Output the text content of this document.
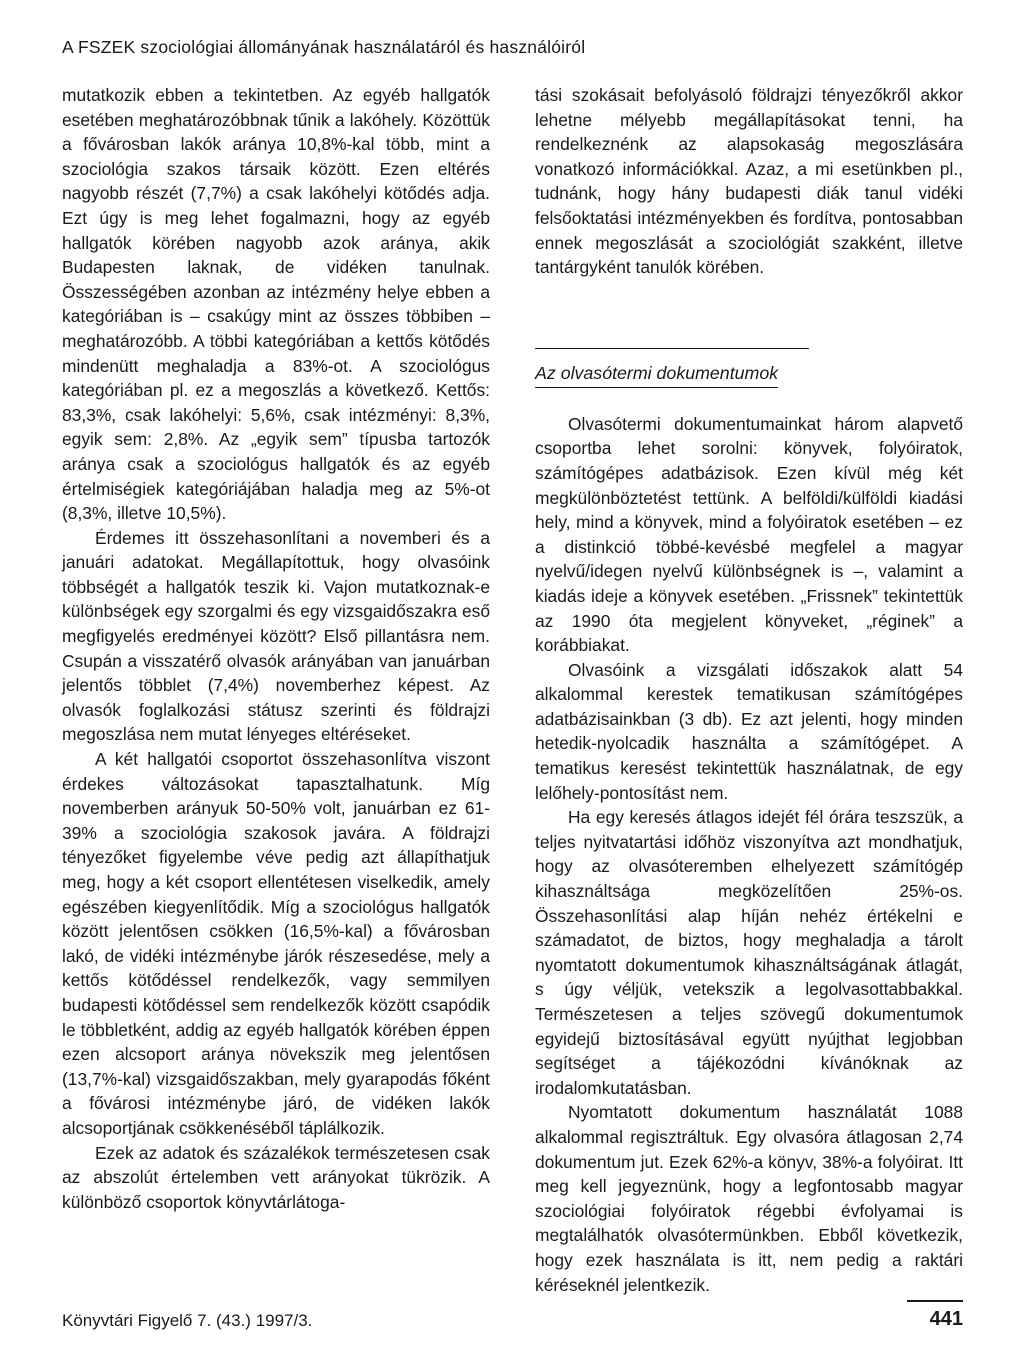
A FSZEK szociológiai állományának használatáról és használóiról

mutatkozik ebben a tekintetben. Az egyéb hallgatók esetében meghatározóbbnak tűnik a lakóhely. Közöttük a fővárosban lakók aránya 10,8%-kal több, mint a szociológia szakos társaik között. Ezen eltérés nagyobb részét (7,7%) a csak lakóhelyi kötődés adja. Ezt úgy is meg lehet fogalmazni, hogy az egyéb hallgatók körében nagyobb azok aránya, akik Budapesten laknak, de vidéken tanulnak. Összességében azonban az intézmény helye ebben a kategóriában is – csakúgy mint az összes többiben – meghatározóbb. A többi kategóriában a kettős kötődés mindenütt meghaladja a 83%-ot. A szociológus kategóriában pl. ez a megoszlás a következő. Kettős: 83,3%, csak lakóhelyi: 5,6%, csak intézményi: 8,3%, egyik sem: 2,8%. Az „egyik sem” típusba tartozók aránya csak a szociológus hallgatók és az egyéb értelmiségiek kategóriájában haladja meg az 5%-ot (8,3%, illetve 10,5%).

Érdemes itt összehasonlítani a novemberi és a januári adatokat. Megállapítottuk, hogy olvasóink többségét a hallgatók teszik ki. Vajon mutatkoznak-e különbségek egy szorgalmi és egy vizsgaidőszakra eső megfigyelés eredményei között? Első pillantásra nem. Csupán a visszatérő olvasók arányában van januárban jelentős többlet (7,4%) novemberhez képest. Az olvasók foglalkozási státusz szerinti és földrajzi megoszlása nem mutat lényeges eltéréseket.

A két hallgatói csoportot összehasonlítva viszont érdekes változásokat tapasztalhatunk. Míg novemberben arányuk 50-50% volt, januárban ez 61-39% a szociológia szakosok javára. A földrajzi tényezőket figyelembe véve pedig azt állapíthatjuk meg, hogy a két csoport ellentétesen viselkedik, amely egészében kiegyenlítődik. Míg a szociológus hallgatók között jelentősen csökken (16,5%-kal) a fővárosban lakó, de vidéki intézménybe járók részesedése, mely a kettős kötődéssel rendelkezők, vagy semmilyen budapesti kötődéssel sem rendelkezők között csapódik le többletként, addig az egyéb hallgatók körében éppen ezen alcsoport aránya növekszik meg jelentősen (13,7%-kal) vizsgaidőszakban, mely gyarapodás főként a fővárosi intézménybe járó, de vidéken lakók alcsoportjának csökkenéséből táplálkozik.

Ezek az adatok és százalékok természetesen csak az abszolút értelemben vett arányokat tükrözik. A különböző csoportok könyvtárlátoga-

tási szokásait befolyásoló földrajzi tényezőkről akkor lehetne mélyebb megállapításokat tenni, ha rendelkeznénk az alapsokaság megoszlására vonatkozó információkkal. Azaz, a mi esetünkben pl., tudnánk, hogy hány budapesti diák tanul vidéki felsőoktatási intézményekben és fordítva, pontosabban ennek megoszlását a szociológiát szakként, illetve tantárgyként tanulók körében.

Az olvasótermi dokumentumok

Olvasótermi dokumentumainkat három alapvető csoportba lehet sorolni: könyvek, folyóiratok, számítógépes adatbázisok. Ezen kívül még két megkülönböztetést tettünk. A belföldi/külföldi kiadási hely, mind a könyvek, mind a folyóiratok esetében – ez a distinkció többé-kevésbé megfelel a magyar nyelvű/idegen nyelvű különbségnek is –, valamint a kiadás ideje a könyvek esetében. „Frissnek” tekintettük az 1990 óta megjelent könyveket, „réginek” a korábbiakat.

Olvasóink a vizsgálati időszakok alatt 54 alkalommal kerestek tematikusan számítógépes adatbázisainkban (3 db). Ez azt jelenti, hogy minden hetedik-nyolcadik használta a számítógépet. A tematikus keresést tekintettük használatnak, de egy lelőhely-pontosítást nem.

Ha egy keresés átlagos idejét fél órára teszszük, a teljes nyitvatartási időhöz viszonyítva azt mondhatjuk, hogy az olvasóteremben elhelyezett számítógép kihasználtsága megközelítően 25%-os. Összehasonlítási alap híján nehéz értékelni e számadatot, de biztos, hogy meghaladja a tárolt nyomtatott dokumentumok kihasználtságának átlagát, s úgy véljük, vetekszik a legolvasottabbakkal. Természetesen a teljes szövegű dokumentumok egyidejű biztosításával együtt nyújthat legjobban segítséget a tájékozódni kívánóknak az irodalomkutatásban.

Nyomtatott dokumentum használatát 1088 alkalommal regisztráltuk. Egy olvasóra átlagosan 2,74 dokumentum jut. Ezek 62%-a könyv, 38%-a folyóirat. Itt meg kell jegyeznünk, hogy a legfontosabb magyar szociológiai folyóiratok régebbi évfolyamai is megtalálhatók olvasótermünkben. Ebből következik, hogy ezek használata is itt, nem pedig a raktári kéréseknél jelentkezik.

Könyvtári Figyelő 7. (43.) 1997/3.	441
